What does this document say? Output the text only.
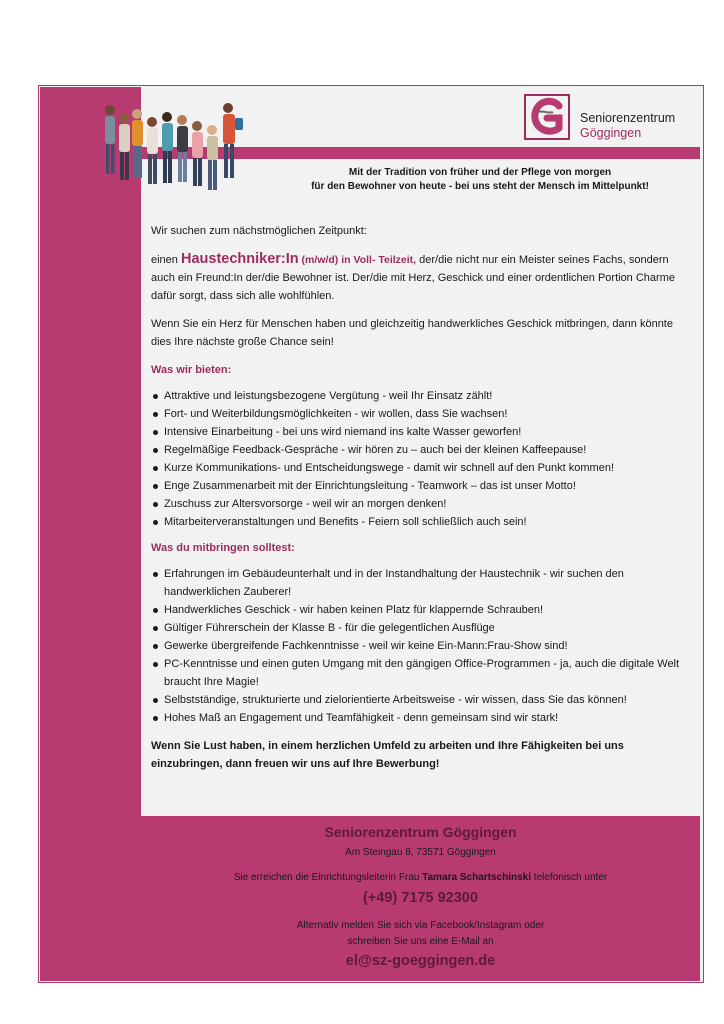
Seniorenzentrum
Göggingen
Mit der Tradition von früher und der Pflege von morgen
für den Bewohner von heute - bei uns steht der Mensch im Mittelpunkt!

Wir suchen zum nächstmöglichen Zeitpunkt:

einen Haustechniker:In (m/w/d) in Voll- Teilzeit, der/die nicht nur ein Meister seines Fachs, sondern auch ein Freund:In der/die Bewohner ist. Der/die mit Herz, Geschick und einer ordentlichen Portion Charme dafür sorgt, dass sich alle wohlfühlen.

Wenn Sie ein Herz für Menschen haben und gleichzeitig handwerkliches Geschick mitbringen, dann könnte dies Ihre nächste große Chance sein!

Was wir bieten:
Attraktive und leistungsbezogene Vergütung - weil Ihr Einsatz zählt!
Fort- und Weiterbildungsmöglichkeiten - wir wollen, dass Sie wachsen!
Intensive Einarbeitung - bei uns wird niemand ins kalte Wasser geworfen!
Regelmäßige Feedback-Gespräche - wir hören zu – auch bei der kleinen Kaffeepause!
Kurze Kommunikations- und Entscheidungswege - damit wir schnell auf den Punkt kommen!
Enge Zusammenarbeit mit der Einrichtungsleitung - Teamwork – das ist unser Motto!
Zuschuss zur Altersvorsorge - weil wir an morgen denken!
Mitarbeiterveranstaltungen und Benefits - Feiern soll schließlich auch sein!
Was du mitbringen solltest:
Erfahrungen im Gebäudeunterhalt und in der Instandhaltung der Haustechnik - wir suchen den handwerklichen Zauberer!
Handwerkliches Geschick - wir haben keinen Platz für klappernde Schrauben!
Gültiger Führerschein der Klasse B - für die gelegentlichen Ausflüge
Gewerke übergreifende Fachkenntnisse - weil wir keine Ein-Mann:Frau-Show sind!
PC-Kenntnisse und einen guten Umgang mit den gängigen Office-Programmen - ja, auch die digitale Welt braucht Ihre Magie!
Selbstständige, strukturierte und zielorientierte Arbeitsweise - wir wissen, dass Sie das können!
Hohes Maß an Engagement und Teamfähigkeit - denn gemeinsam sind wir stark!
Wenn Sie Lust haben, in einem herzlichen Umfeld zu arbeiten und Ihre Fähigkeiten bei uns einzubringen, dann freuen wir uns auf Ihre Bewerbung!
Seniorenzentrum Göggingen
Am Steingau 8, 73571 Göggingen
Sie erreichen die Einrichtungsleiterin Frau Tamara Schartschinski telefonisch unter
(+49) 7175 92300
Alternativ melden Sie sich via Facebook/Instagram oder
schreiben Sie uns eine E-Mail an
el@sz-goeggingen.de
